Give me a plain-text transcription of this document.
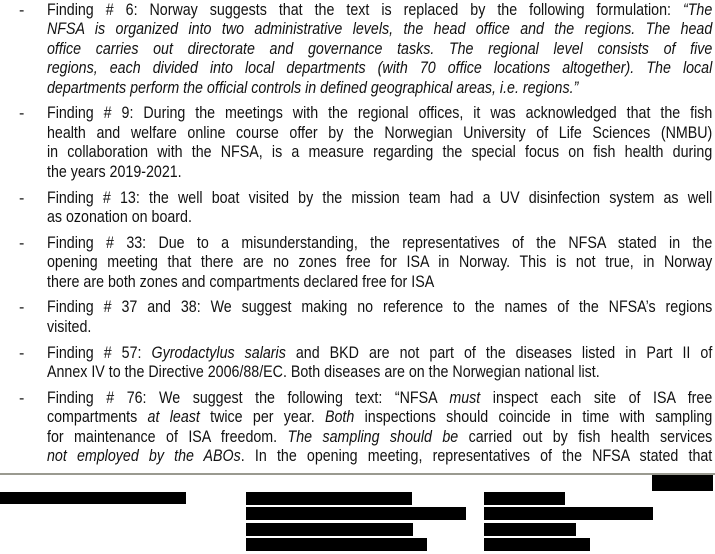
- Finding # 6: Norway suggests that the text is replaced by the following formulation: “The
NFSA is organized into two administrative levels, the head office and the regions. The head
office carries out directorate and governance tasks. The regional level consists of five
regions, each divided into local departments (with 70 office locations altogether). The local
departments perform the official controls in defined geographical areas, i.e. regions.”
- Finding # 9: During the meetings with the regional offices, it was acknowledged that the fish
health and welfare online course offer by the Norwegian University of Life Sciences (NMBU)
in collaboration with the NFSA, is a measure regarding the special focus on fish health during
the years 2019-2021.
- Finding # 13: the well boat visited by the mission team had a UV disinfection system as well
as ozonation on board.
- Finding # 33: Due to a misunderstanding, the representatives of the NFSA stated in the
opening meeting that there are no zones free for ISA in Norway. This is not true, in Norway
there are both zones and compartments declared free for ISA
- Finding # 37 and 38: We suggest making no reference to the names of the NFSA’s regions
visited.
- Finding # 57: Gyrodactylus salaris and BKD are not part of the diseases listed in Part II of
Annex IV to the Directive 2006/88/EC. Both diseases are on the Norwegian national list.
- Finding # 76: We suggest the following text: “NFSA must inspect each site of ISA free
compartments at least twice per year. Both inspections should coincide in time with sampling
for maintenance of ISA freedom. The sampling should be carried out by fish health services
not employed by the ABOs. In the opening meeting, representatives of the NFSA stated that
